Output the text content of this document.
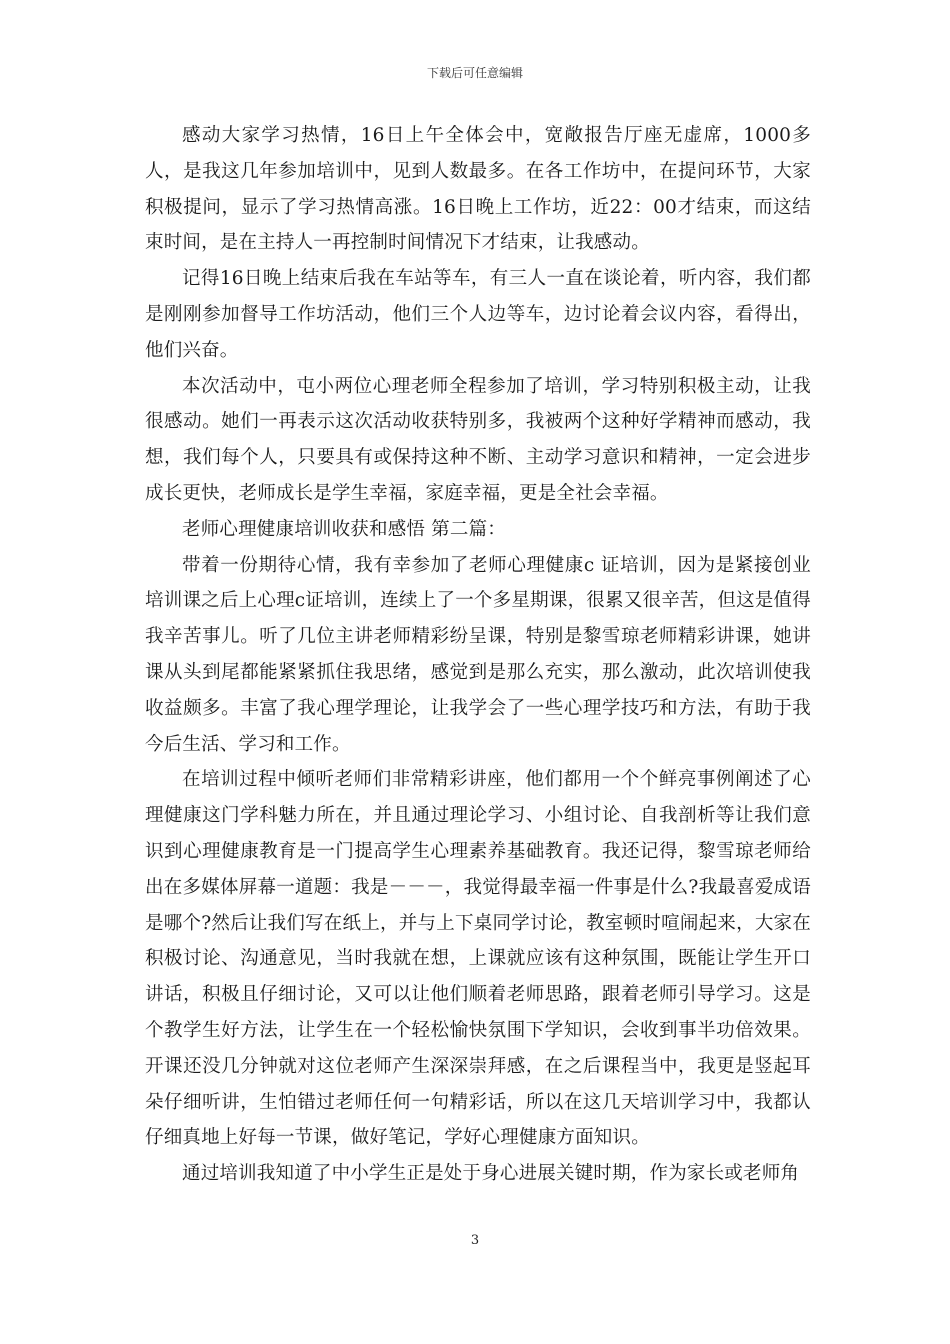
下载后可任意编辑

感动大家学习热情，16日上午全体会中，宽敞报告厅座无虚席，1000多人，是我这几年参加培训中，见到人数最多。在各工作坊中，在提问环节，大家积极提问，显示了学习热情高涨。16日晚上工作坊，近22：00才结束，而这结束时间，是在主持人一再控制时间情况下才结束，让我感动。

记得16日晚上结束后我在车站等车，有三人一直在谈论着，听内容，我们都是刚刚参加督导工作坊活动，他们三个人边等车，边讨论着会议内容，看得出，他们兴奋。

本次活动中，屯小两位心理老师全程参加了培训，学习特别积极主动，让我很感动。她们一再表示这次活动收获特别多，我被两个这种好学精神而感动，我想，我们每个人，只要具有或保持这种不断、主动学习意识和精神，一定会进步成长更快，老师成长是学生幸福，家庭幸福，更是全社会幸福。

老师心理健康培训收获和感悟 第二篇：

带着一份期待心情，我有幸参加了老师心理健康c 证培训，因为是紧接创业培训课之后上心理c证培训，连续上了一个多星期课，很累又很辛苦，但这是值得我辛苦事儿。听了几位主讲老师精彩纷呈课，特别是黎雪琼老师精彩讲课，她讲课从头到尾都能紧紧抓住我思绪，感觉到是那么充实，那么激动，此次培训使我收益颇多。丰富了我心理学理论，让我学会了一些心理学技巧和方法，有助于我今后生活、学习和工作。

在培训过程中倾听老师们非常精彩讲座，他们都用一个个鲜亮事例阐述了心理健康这门学科魅力所在，并且通过理论学习、小组讨论、自我剖析等让我们意识到心理健康教育是一门提高学生心理素养基础教育。我还记得，黎雪琼老师给出在多媒体屏幕一道题：我是－－－，我觉得最幸福一件事是什么?我最喜爱成语是哪个?然后让我们写在纸上，并与上下桌同学讨论，教室顿时喧闹起来，大家在积极讨论、沟通意见，当时我就在想，上课就应该有这种氛围，既能让学生开口讲话，积极且仔细讨论，又可以让他们顺着老师思路，跟着老师引导学习。这是个教学生好方法，让学生在一个轻松愉快氛围下学知识，会收到事半功倍效果。开课还没几分钟就对这位老师产生深深崇拜感，在之后课程当中，我更是竖起耳朵仔细听讲，生怕错过老师任何一句精彩话，所以在这几天培训学习中，我都认仔细真地上好每一节课，做好笔记，学好心理健康方面知识。

通过培训我知道了中小学生正是处于身心进展关键时期，作为家长或老师角

3
